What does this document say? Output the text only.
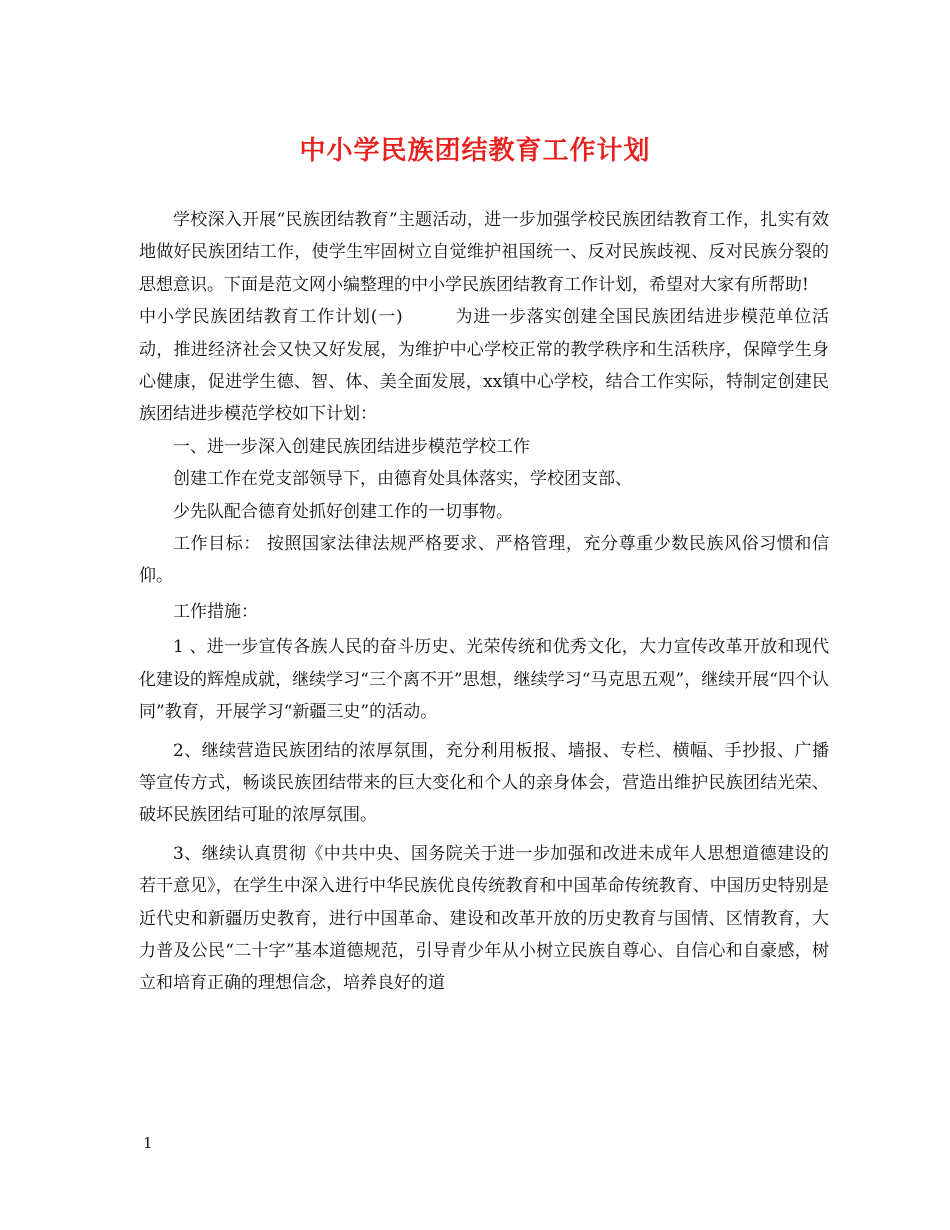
中小学民族团结教育工作计划

学校深入开展“民族团结教育”主题活动，进一步加强学校民族团结教育工作，扎实有效地做好民族团结工作，使学生牢固树立自觉维护祖国统一、反对民族歧视、反对民族分裂的思想意识。下面是范文网小编整理的中小学民族团结教育工作计划，希望对大家有所帮助!

中小学民族团结教育工作计划(一)	为进一步落实创建全国民族团结进步模范单位活动，推进经济社会又快又好发展，为维护中心学校正常的教学秩序和生活秩序，保障学生身心健康，促进学生德、智、体、美全面发展，xx镇中心学校，结合工作实际，特制定创建民族团结进步模范学校如下计划：

一、进一步深入创建民族团结进步模范学校工作

创建工作在党支部领导下，由德育处具体落实，学校团支部、

少先队配合德育处抓好创建工作的一切事物。

工作目标： 按照国家法律法规严格要求、严格管理，充分尊重少数民族风俗习惯和信仰。

工作措施：

1 、进一步宣传各族人民的奋斗历史、光荣传统和优秀文化，大力宣传改革开放和现代化建设的辉煌成就，继续学习“三个离不开”思想，继续学习“马克思五观”，继续开展“四个认同”教育，开展学习“新疆三史”的活动。

2、继续营造民族团结的浓厚氛围，充分利用板报、墙报、专栏、横幅、手抄报、广播等宣传方式，畅谈民族团结带来的巨大变化和个人的亲身体会，营造出维护民族团结光荣、破坏民族团结可耻的浓厚氛围。

3、继续认真贯彻《中共中央、国务院关于进一步加强和改进未成年人思想道德建设的若干意见》，在学生中深入进行中华民族优良传统教育和中国革命传统教育、中国历史特别是近代史和新疆历史教育，进行中国革命、建设和改革开放的历史教育与国情、区情教育，大力普及公民“二十字”基本道德规范，引导青少年从小树立民族自尊心、自信心和自豪感，树立和培育正确的理想信念，培养良好的道

1
